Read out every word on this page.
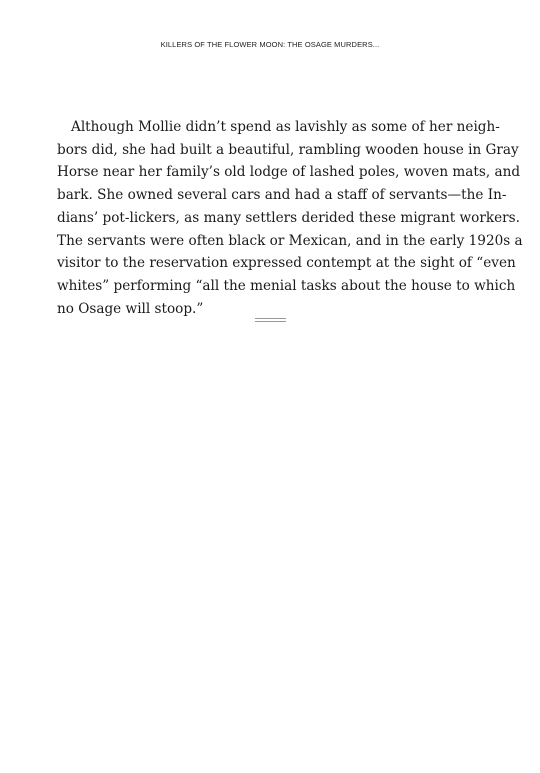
KILLERS OF THE FLOWER MOON: THE OSAGE MURDERS...

Although Mollie didn’t spend as lavishly as some of her neigh-
bors did, she had built a beautiful, rambling wooden house in Gray
Horse near her family’s old lodge of lashed poles, woven mats, and
bark. She owned several cars and had a staff of servants—the In-
dians’ pot-lickers, as many settlers derided these migrant workers.
The servants were often black or Mexican, and in the early 1920s a
visitor to the reservation expressed contempt at the sight of “even
whites” performing “all the menial tasks about the house to which
no Osage will stoop.”
